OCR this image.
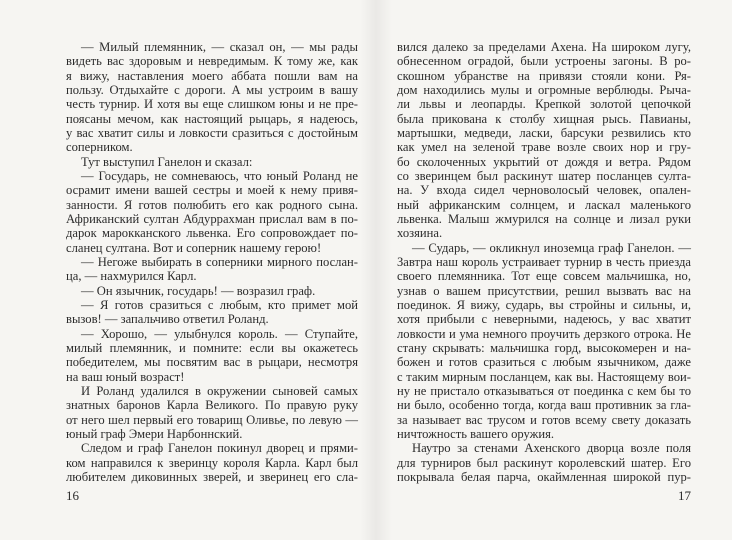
— Милый племянник, — сказал он, — мы рады
видеть вас здоровым и невредимым. К тому же, как
я вижу, наставления моего аббата пошли вам на
пользу. Отдыхайте с дороги. А мы устроим в вашу
честь турнир. И хотя вы еще слишком юны и не пре-
поясаны мечом, как настоящий рыцарь, я надеюсь,
у вас хватит силы и ловкости сразиться с достойным
соперником.
Тут выступил Ганелон и сказал:
— Государь, не сомневаюсь, что юный Роланд не
осрамит имени вашей сестры и моей к нему привя-
занности. Я готов полюбить его как родного сына.
Африканский султан Абдуррахман прислал вам в по-
дарок марокканского львенка. Его сопровождает по-
сланец султана. Вот и соперник нашему герою!
— Негоже выбирать в соперники мирного послан-
ца, — нахмурился Карл.
— Он язычник, государь! — возразил граф.
— Я готов сразиться с любым, кто примет мой
вызов! — запальчиво ответил Роланд.
— Хорошо, — улыбнулся король. — Ступайте,
милый племянник, и помните: если вы окажетесь
победителем, мы посвятим вас в рыцари, несмотря
на ваш юный возраст!
И Роланд удалился в окружении сыновей самых
знатных баронов Карла Великого. По правую руку
от него шел первый его товарищ Оливье, по левую —
юный граф Эмери Нарбоннский.
Следом и граф Ганелон покинул дворец и прями-
ком направился к зверинцу короля Карла. Карл был
любителем диковинных зверей, и зверинец его сла-
16
вился далеко за пределами Ахена. На широком лугу,
обнесенном оградой, были устроены загоны. В ро-
скошном убранстве на привязи стояли кони. Ря-
дом находились мулы и огромные верблюды. Рыча-
ли львы и леопарды. Крепкой золотой цепочкой
была прикована к столбу хищная рысь. Павианы,
мартышки, медведи, ласки, барсуки резвились кто
как умел на зеленой траве возле своих нор и гру-
бо сколоченных укрытий от дождя и ветра. Рядом
со зверинцем был раскинут шатер посланцев султа-
на. У входа сидел черноволосый человек, опален-
ный африканским солнцем, и ласкал маленького
львенка. Малыш жмурился на солнце и лизал руки
хозяина.
— Сударь, — окликнул иноземца граф Ганелон. —
Завтра наш король устраивает турнир в честь приезда
своего племянника. Тот еще совсем мальчишка, но,
узнав о вашем присутствии, решил вызвать вас на
поединок. Я вижу, сударь, вы стройны и сильны, и,
хотя прибыли с неверными, надеюсь, у вас хватит
ловкости и ума немного проучить дерзкого отрока. Не
стану скрывать: мальчишка горд, высокомерен и на-
божен и готов сразиться с любым язычником, даже
с таким мирным посланцем, как вы. Настоящему вои-
ну не пристало отказываться от поединка с кем бы то
ни было, особенно тогда, когда ваш противник за гла-
за называет вас трусом и готов всему свету доказать
ничтожность вашего оружия.
Наутро за стенами Ахенского дворца возле поля
для турниров был раскинут королевский шатер. Его
покрывала белая парча, окаймленная широкой пур-
17
